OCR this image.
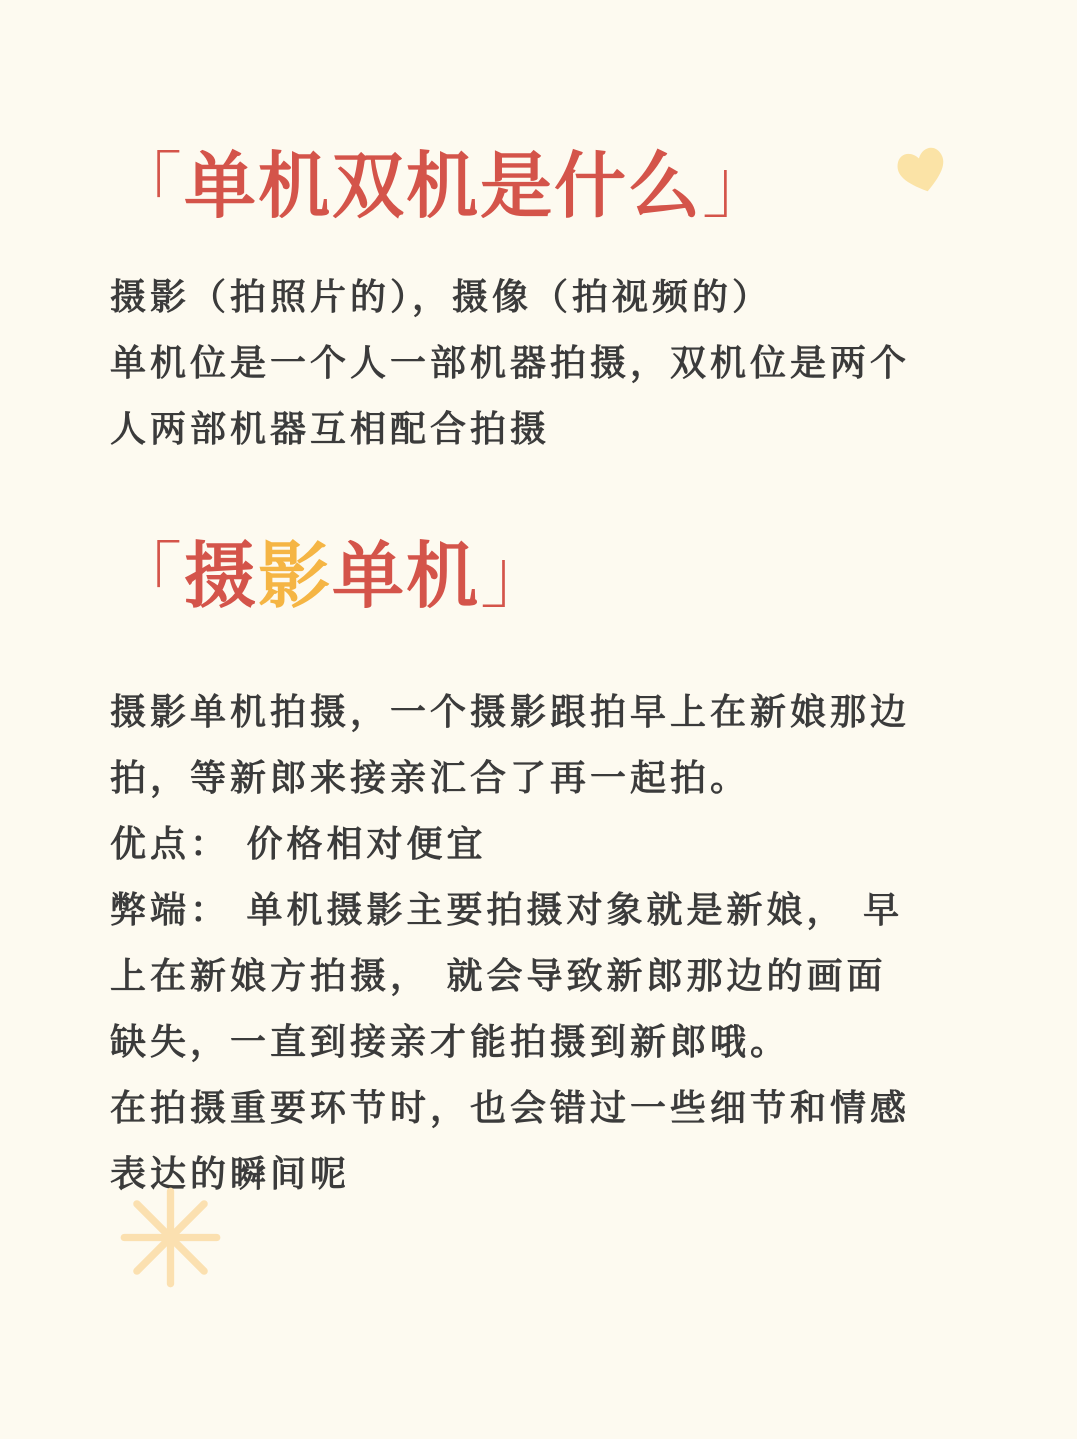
「单机双机是什么」
摄影（拍照片的），摄像（拍视频的）
单机位是一个人一部机器拍摄，双机位是两个
人两部机器互相配合拍摄
「摄影单机」
摄影单机拍摄，一个摄影跟拍早上在新娘那边
拍，等新郎来接亲汇合了再一起拍。
优点： 价格相对便宜
弊端： 单机摄影主要拍摄对象就是新娘， 早
上在新娘方拍摄， 就会导致新郎那边的画面
缺失，一直到接亲才能拍摄到新郎哦。
在拍摄重要环节时，也会错过一些细节和情感
表达的瞬间呢
